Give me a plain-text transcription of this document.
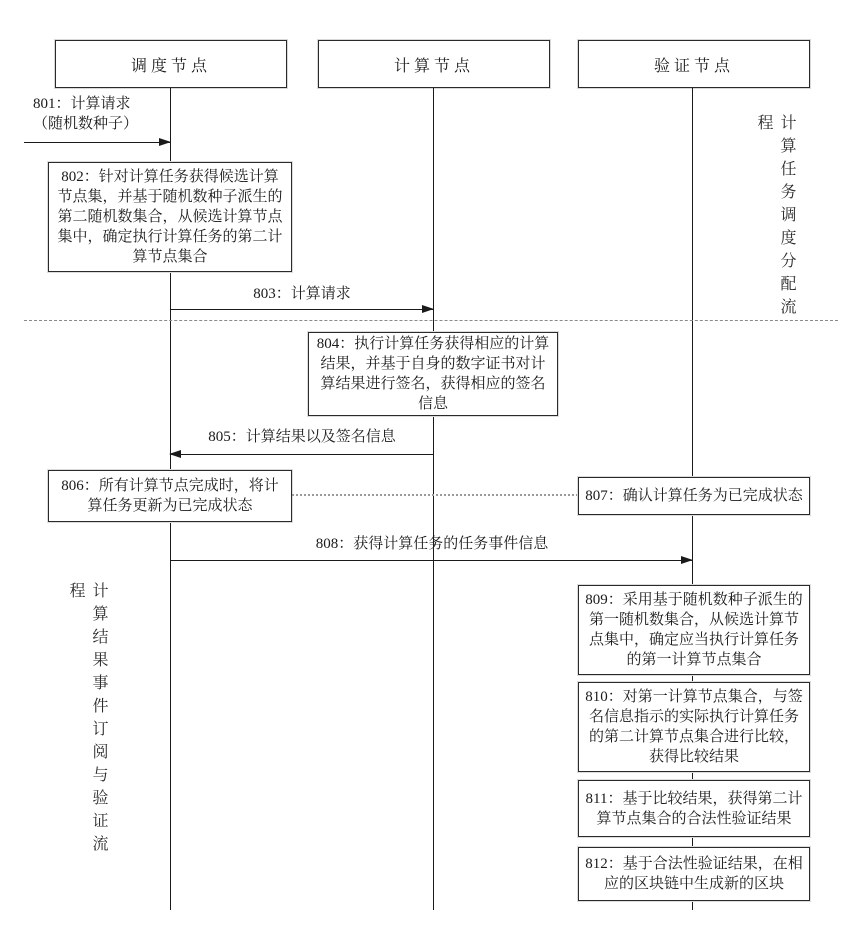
调度节点	计算节点	验证节点
801：计算请求
（随机数种子）
802：针对计算任务获得候选计算节点集，并基于随机数种子派生的第二随机数集合，从候选计算节点集中，确定执行计算任务的第二计算节点集合
803：计算请求
804：执行计算任务获得相应的计算结果，并基于自身的数字证书对计算结果进行签名，获得相应的签名信息
805：计算结果以及签名信息
806：所有计算节点完成时，将计算任务更新为已完成状态
807：确认计算任务为已完成状态
808：获得计算任务的任务事件信息
809：采用基于随机数种子派生的第一随机数集合，从候选计算节点集中，确定应当执行计算任务的第一计算节点集合
810：对第一计算节点集合，与签名信息指示的实际执行计算任务的第二计算节点集合进行比较，获得比较结果
811：基于比较结果，获得第二计算节点集合的合法性验证结果
812：基于合法性验证结果，在相应的区块链中生成新的区块
计算任务调度分配流程
计算结果事件订阅与验证流程
